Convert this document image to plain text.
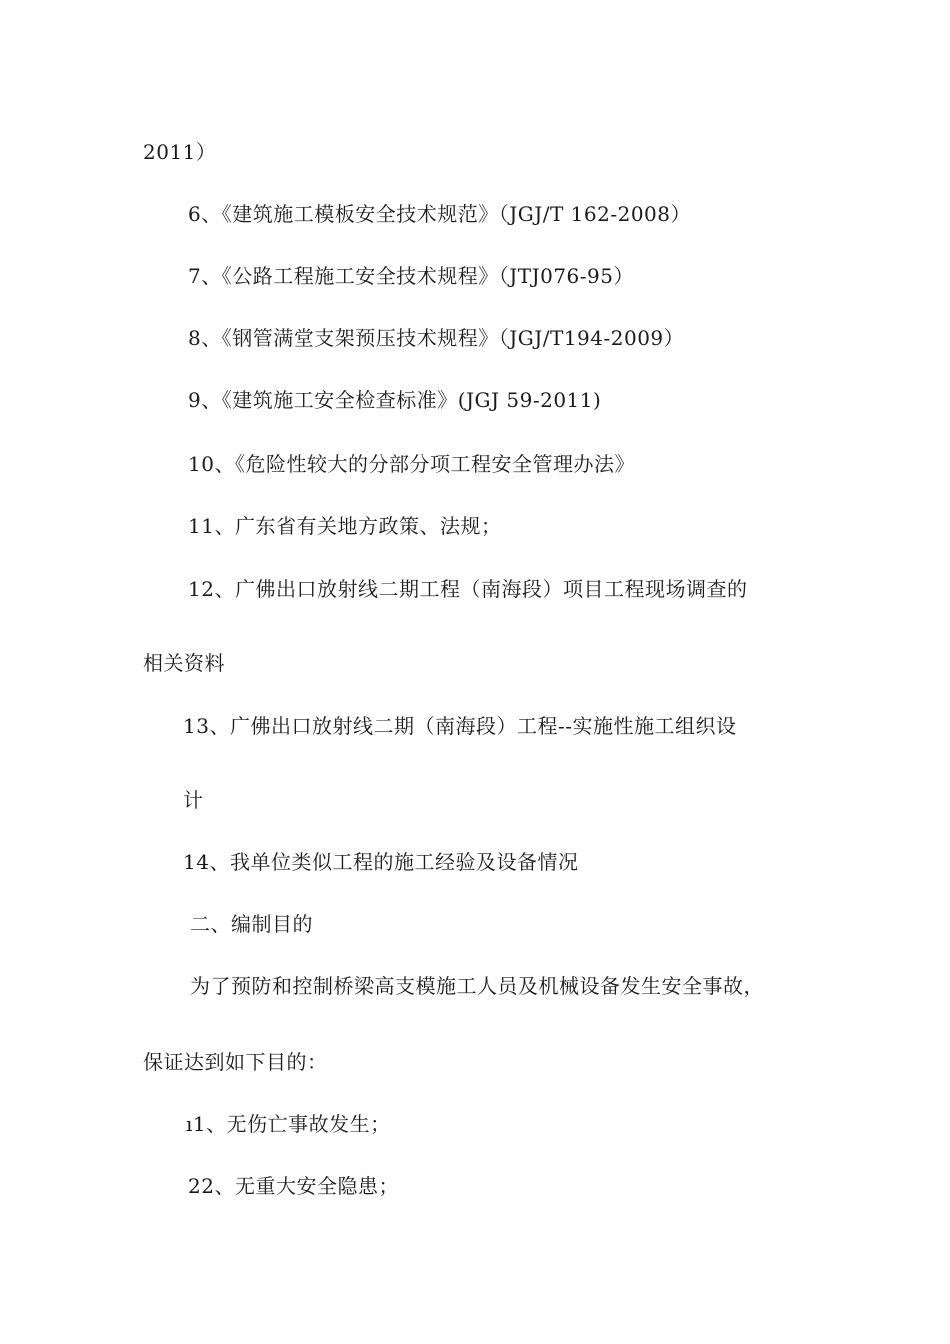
2011）
6、《建筑施工模板安全技术规范》（JGJ/T 162-2008）
7、《公路工程施工安全技术规程》（JTJ076-95）
8、《钢管满堂支架预压技术规程》（JGJ/T194-2009）
9、《建筑施工安全检查标准》(JGJ 59-2011)
10、《危险性较大的分部分项工程安全管理办法》
11、广东省有关地方政策、法规；
12、广佛出口放射线二期工程（南海段）项目工程现场调查的
相关资料
13、广佛出口放射线二期（南海段）工程--实施性施工组织设
计
14、我单位类似工程的施工经验及设备情况
二、编制目的
为了预防和控制桥梁高支模施工人员及机械设备发生安全事故，
保证达到如下目的：
ı1、无伤亡事故发生；
22、无重大安全隐患；
